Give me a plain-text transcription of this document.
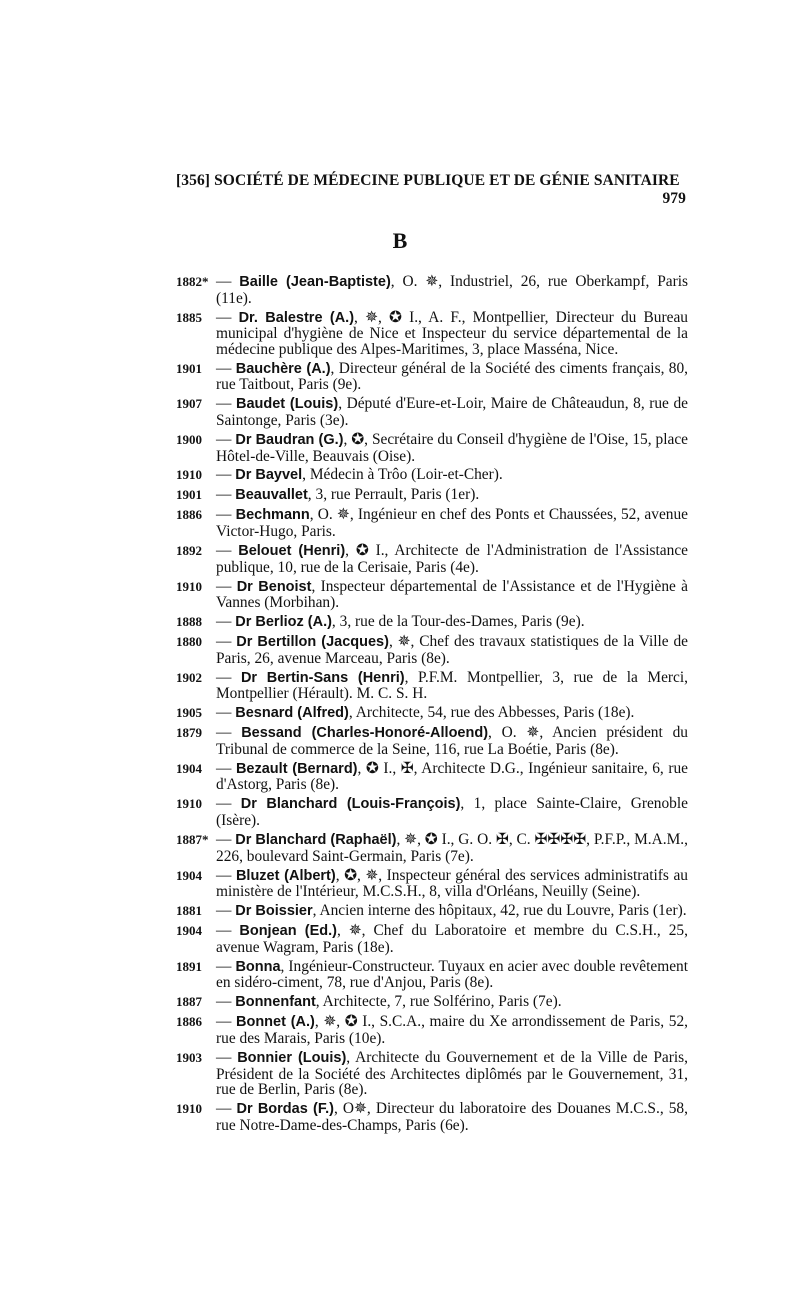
[356] SOCIÉTÉ DE MÉDECINE PUBLIQUE ET DE GÉNIE SANITAIRE
979
B
1882* — Baille (Jean-Baptiste), O. ✵, Industriel, 26, rue Oberkampf, Paris (11e).
1885 — Dr. Balestre (A.), ✵, ✪ I., A. F., Montpellier, Directeur du Bureau municipal d'hygiène de Nice et Inspecteur du service départemental de la médecine publique des Alpes-Maritimes, 3, place Masséna, Nice.
1901 — Bauchère (A.), Directeur général de la Société des ciments français, 80, rue Taitbout, Paris (9e).
1907 — Baudet (Louis), Député d'Eure-et-Loir, Maire de Châteaudun, 8, rue de Saintonge, Paris (3e).
1900 — Dr Baudran (G.), ✪, Secrétaire du Conseil d'hygiène de l'Oise, 15, place Hôtel-de-Ville, Beauvais (Oise).
1910 — Dr Bayvel, Médecin à Trôo (Loir-et-Cher).
1901 — Beauvallet, 3, rue Perrault, Paris (1er).
1886 — Bechmann, O. ✵, Ingénieur en chef des Ponts et Chaussées, 52, avenue Victor-Hugo, Paris.
1892 — Belouet (Henri), ✪ I., Architecte de l'Administration de l'Assistance publique, 10, rue de la Cerisaie, Paris (4e).
1910 — Dr Benoist, Inspecteur départemental de l'Assistance et de l'Hygiène à Vannes (Morbihan).
1888 — Dr Berlioz (A.), 3, rue de la Tour-des-Dames, Paris (9e).
1880 — Dr Bertillon (Jacques), ✵, Chef des travaux statistiques de la Ville de Paris, 26, avenue Marceau, Paris (8e).
1902 — Dr Bertin-Sans (Henri), P.F.M. Montpellier, 3, rue de la Merci, Montpellier (Hérault). M. C. S. H.
1905 — Besnard (Alfred), Architecte, 54, rue des Abbesses, Paris (18e).
1879 — Bessand (Charles-Honoré-Alloend), O. ✵, Ancien président du Tribunal de commerce de la Seine, 116, rue La Boétie, Paris (8e).
1904 — Bezault (Bernard), ✪ I., ✠, Architecte D.G., Ingénieur sanitaire, 6, rue d'Astorg, Paris (8e).
1910 — Dr Blanchard (Louis-François), 1, place Sainte-Claire, Grenoble (Isère).
1887* — Dr Blanchard (Raphaël), ✵, ✪ I., G. O. ✠, C. ✠✠✠✠, P.F.P., M.A.M., 226, boulevard Saint-Germain, Paris (7e).
1904 — Bluzet (Albert), ✪, ✵, Inspecteur général des services administratifs au ministère de l'Intérieur, M.C.S.H., 8, villa d'Orléans, Neuilly (Seine).
1881 — Dr Boissier, Ancien interne des hôpitaux, 42, rue du Louvre, Paris (1er).
1904 — Bonjean (Ed.), ✵, Chef du Laboratoire et membre du C.S.H., 25, avenue Wagram, Paris (18e).
1891 — Bonna, Ingénieur-Constructeur. Tuyaux en acier avec double revêtement en sidéro-ciment, 78, rue d'Anjou, Paris (8e).
1887 — Bonnenfant, Architecte, 7, rue Solférino, Paris (7e).
1886 — Bonnet (A.), ✵, ✪ I., S.C.A., maire du Xe arrondissement de Paris, 52, rue des Marais, Paris (10e).
1903 — Bonnier (Louis), Architecte du Gouvernement et de la Ville de Paris, Président de la Société des Architectes diplômés par le Gouvernement, 31, rue de Berlin, Paris (8e).
1910 — Dr Bordas (F.), O✵, Directeur du laboratoire des Douanes M.C.S., 58, rue Notre-Dame-des-Champs, Paris (6e).
